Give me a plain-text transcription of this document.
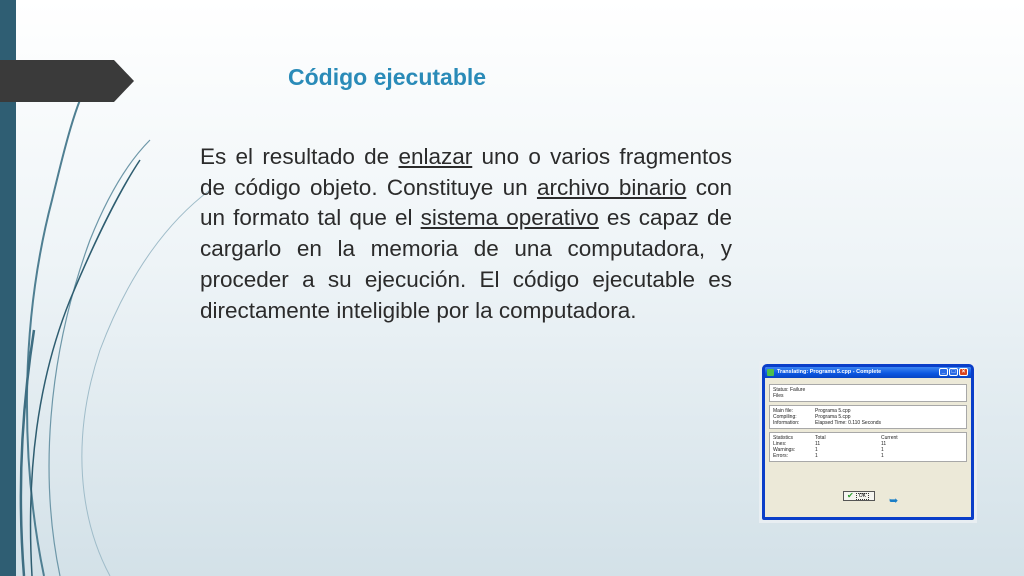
Código ejecutable

Es el resultado de enlazar uno o varios fragmentos de código objeto. Constituye un archivo binario con un formato tal que el sistema operativo es capaz de cargarlo en la memoria de una computadora, y proceder a su ejecución. El código ejecutable es directamente inteligible por la computadora.

Translating: Programa 5.cpp - Complete	_	□	×
Status:
Failure
Files
Main file:	Programa 5.cpp
Compiling:	Programa 5.cpp
Information:	Elapsed Time: 0.110 Seconds
Statistics	Total	Current
Lines:	11	11
Warnings:	1	1
Errors:	1	1
✔	OK ➥
